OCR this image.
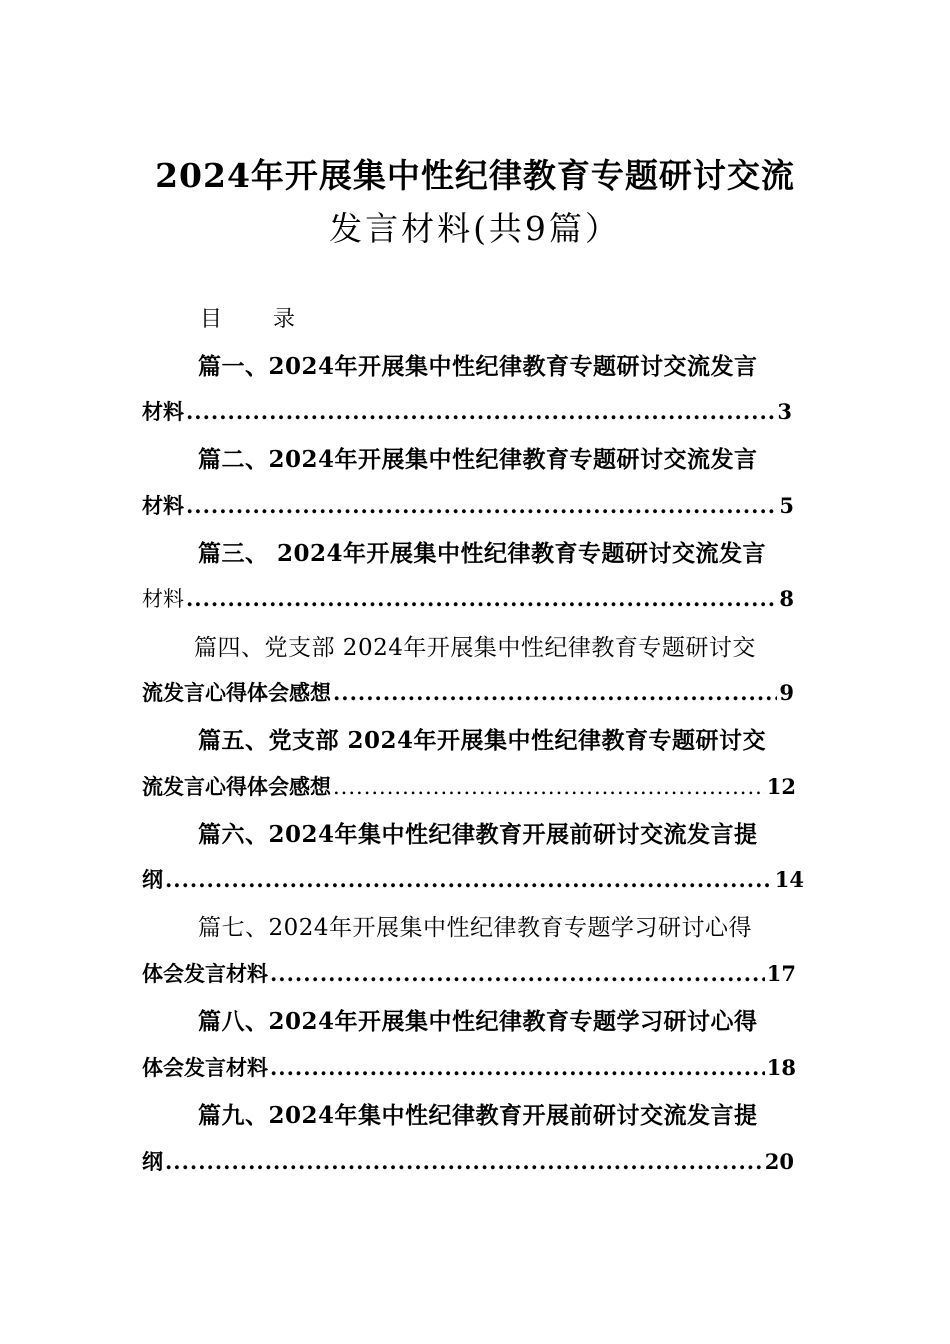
2024年开展集中性纪律教育专题研讨交流
发言材料(共9篇）
目 录
篇一、2024年开展集中性纪律教育专题研讨交流发言
材料 .....	3
篇二、2024年开展集中性纪律教育专题研讨交流发言
材料 .....	5
篇三、 2024年开展集中性纪律教育专题研讨交流发言
材料 .....	8
篇四、党支部 2024年开展集中性纪律教育专题研讨交
流发言心得体会感想 .....	9
篇五、党支部 2024年开展集中性纪律教育专题研讨交
流发言心得体会感想 .....	12
篇六、2024年集中性纪律教育开展前研讨交流发言提
纲 .....	14
篇七、2024年开展集中性纪律教育专题学习研讨心得
体会发言材料 .....	17
篇八、2024年开展集中性纪律教育专题学习研讨心得
体会发言材料 .....	18
篇九、2024年集中性纪律教育开展前研讨交流发言提
纲 .....	20
